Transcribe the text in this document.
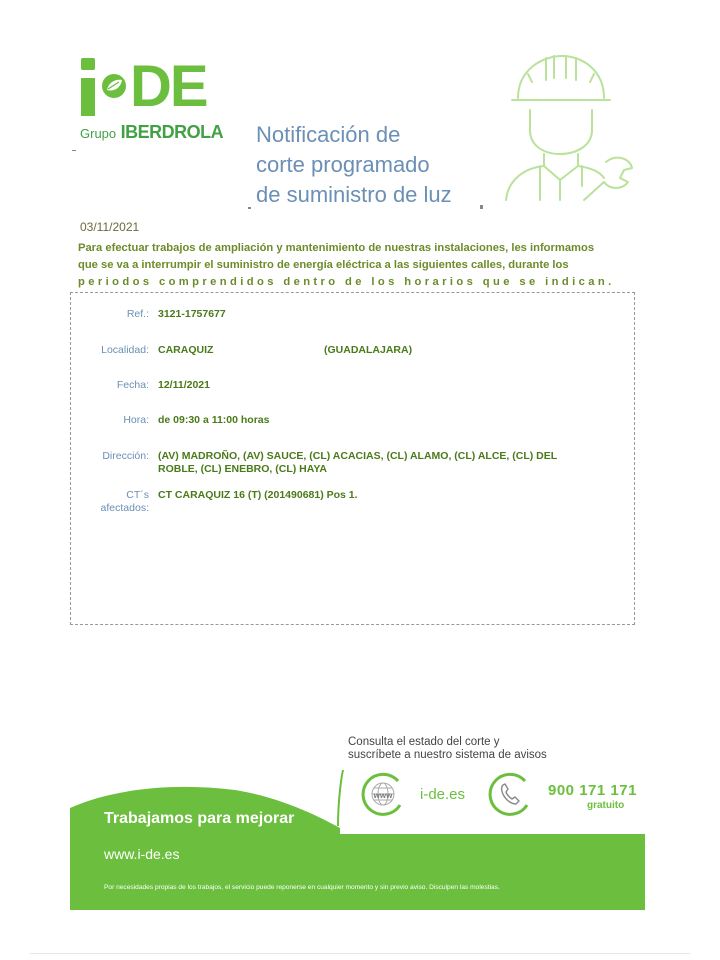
DE
Grupo IBERDROLA Notificación de
corte programado
de suministro de luz
03/11/2021
Para efectuar trabajos de ampliación y mantenimiento de nuestras instalaciones, les informamos
que se va a interrumpir el suministro de energía eléctrica a las siguientes calles, durante los
periodos comprendidos dentro de los horarios que se indican.
Ref.: 3121-1757677
Localidad: CARAQUIZ	(GUADALAJARA)
Fecha: 12/11/2021
Hora: de 09:30 a 11:00 horas
Dirección: (AV) MADROÑO, (AV) SAUCE, (CL) ACACIAS, (CL) ALAMO, (CL) ALCE, (CL) DEL ROBLE, (CL) ENEBRO, (CL) HAYA
CT´s
afectados:
CT CARAQUIZ 16 (T) (201490681) Pos 1.
Consulta el estado del corte y
suscríbete a nuestro sistema de avisos
www i-de.es	900 171 171
gratuito
Trabajamos para mejorar
www.i-de.es
Por necesidades propias de los trabajos, el servicio puede reponerse en cualquier momento y sin previo aviso. Disculpen las molestias.
